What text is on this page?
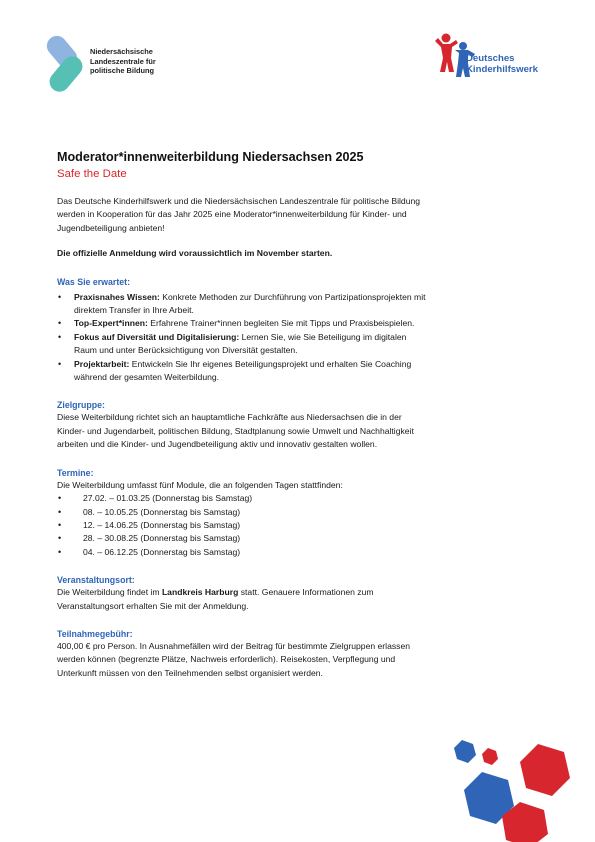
Niedersächsische
Landeszentrale für
politische Bildung
Deutsches
Kinderhilfswerk
Moderator*innenweiterbildung Niedersachsen 2025
Safe the Date

Das Deutsche Kinderhilfswerk und die Niedersächsischen Landeszentrale für politische Bildung werden in Kooperation für das Jahr 2025 eine Moderator*innenweiterbildung für Kinder- und Jugendbeteiligung anbieten!

Die offizielle Anmeldung wird voraussichtlich im November starten.

Was Sie erwartet:
• Praxisnahes Wissen: Konkrete Methoden zur Durchführung von Partizipationsprojekten mit direktem Transfer in Ihre Arbeit.
• Top-Expert*innen: Erfahrene Trainer*innen begleiten Sie mit Tipps und Praxisbeispielen.
• Fokus auf Diversität und Digitalisierung: Lernen Sie, wie Sie Beteiligung im digitalen Raum und unter Berücksichtigung von Diversität gestalten.
• Projektarbeit: Entwickeln Sie Ihr eigenes Beteiligungsprojekt und erhalten Sie Coaching während der gesamten Weiterbildung.
Zielgruppe:

Diese Weiterbildung richtet sich an hauptamtliche Fachkräfte aus Niedersachsen die in der Kinder- und Jugendarbeit, politischen Bildung, Stadtplanung sowie Umwelt und Nachhaltigkeit arbeiten und die Kinder- und Jugendbeteiligung aktiv und innovativ gestalten wollen.

Termine:

Die Weiterbildung umfasst fünf Module, die an folgenden Tagen stattfinden:

• 27.02. – 01.03.25 (Donnerstag bis Samstag)
• 08. – 10.05.25 (Donnerstag bis Samstag)
• 12. – 14.06.25 (Donnerstag bis Samstag)
• 28. – 30.08.25 (Donnerstag bis Samstag)
• 04. – 06.12.25 (Donnerstag bis Samstag)
Veranstaltungsort:

Die Weiterbildung findet im Landkreis Harburg statt. Genauere Informationen zum Veranstaltungsort erhalten Sie mit der Anmeldung.

Teilnahmegebühr:

400,00 € pro Person. In Ausnahmefällen wird der Beitrag für bestimmte Zielgruppen erlassen werden können (begrenzte Plätze, Nachweis erforderlich). Reisekosten, Verpflegung und Unterkunft müssen von den Teilnehmenden selbst organisiert werden.
